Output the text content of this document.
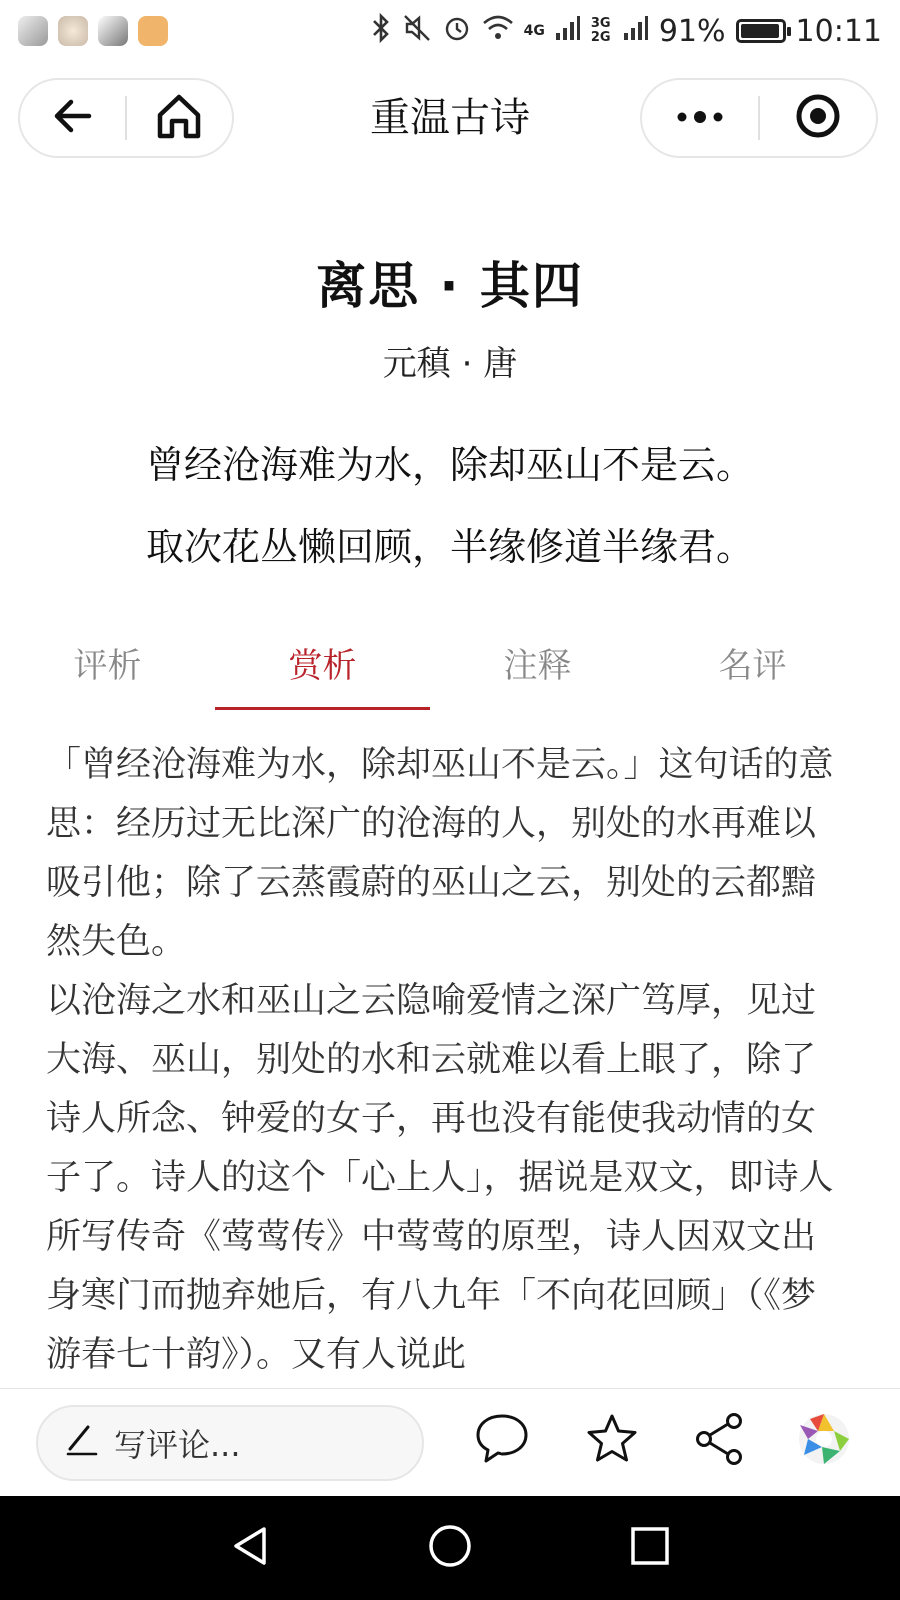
4G	3G 2G 91% 10:11
重温古诗
离思 · 其四
元稹 · 唐
曾经沧海难为水，除却巫山不是云。
取次花丛懒回顾，半缘修道半缘君。
评析	赏析	注释	名评

「曾经沧海难为水，除却巫山不是云。」这句话的意思：经历过无比深广的沧海的人，别处的水再难以吸引他；除了云蒸霞蔚的巫山之云，别处的云都黯然失色。

以沧海之水和巫山之云隐喻爱情之深广笃厚，见过大海、巫山，别处的水和云就难以看上眼了，除了诗人所念、钟爱的女子，再也没有能使我动情的女子了。诗人的这个「心上人」，据说是双文，即诗人所写传奇《莺莺传》中莺莺的原型，诗人因双文出身寒门而抛弃她后，有八九年「不向花回顾」（《梦游春七十韵》）。又有人说此

写评论...
